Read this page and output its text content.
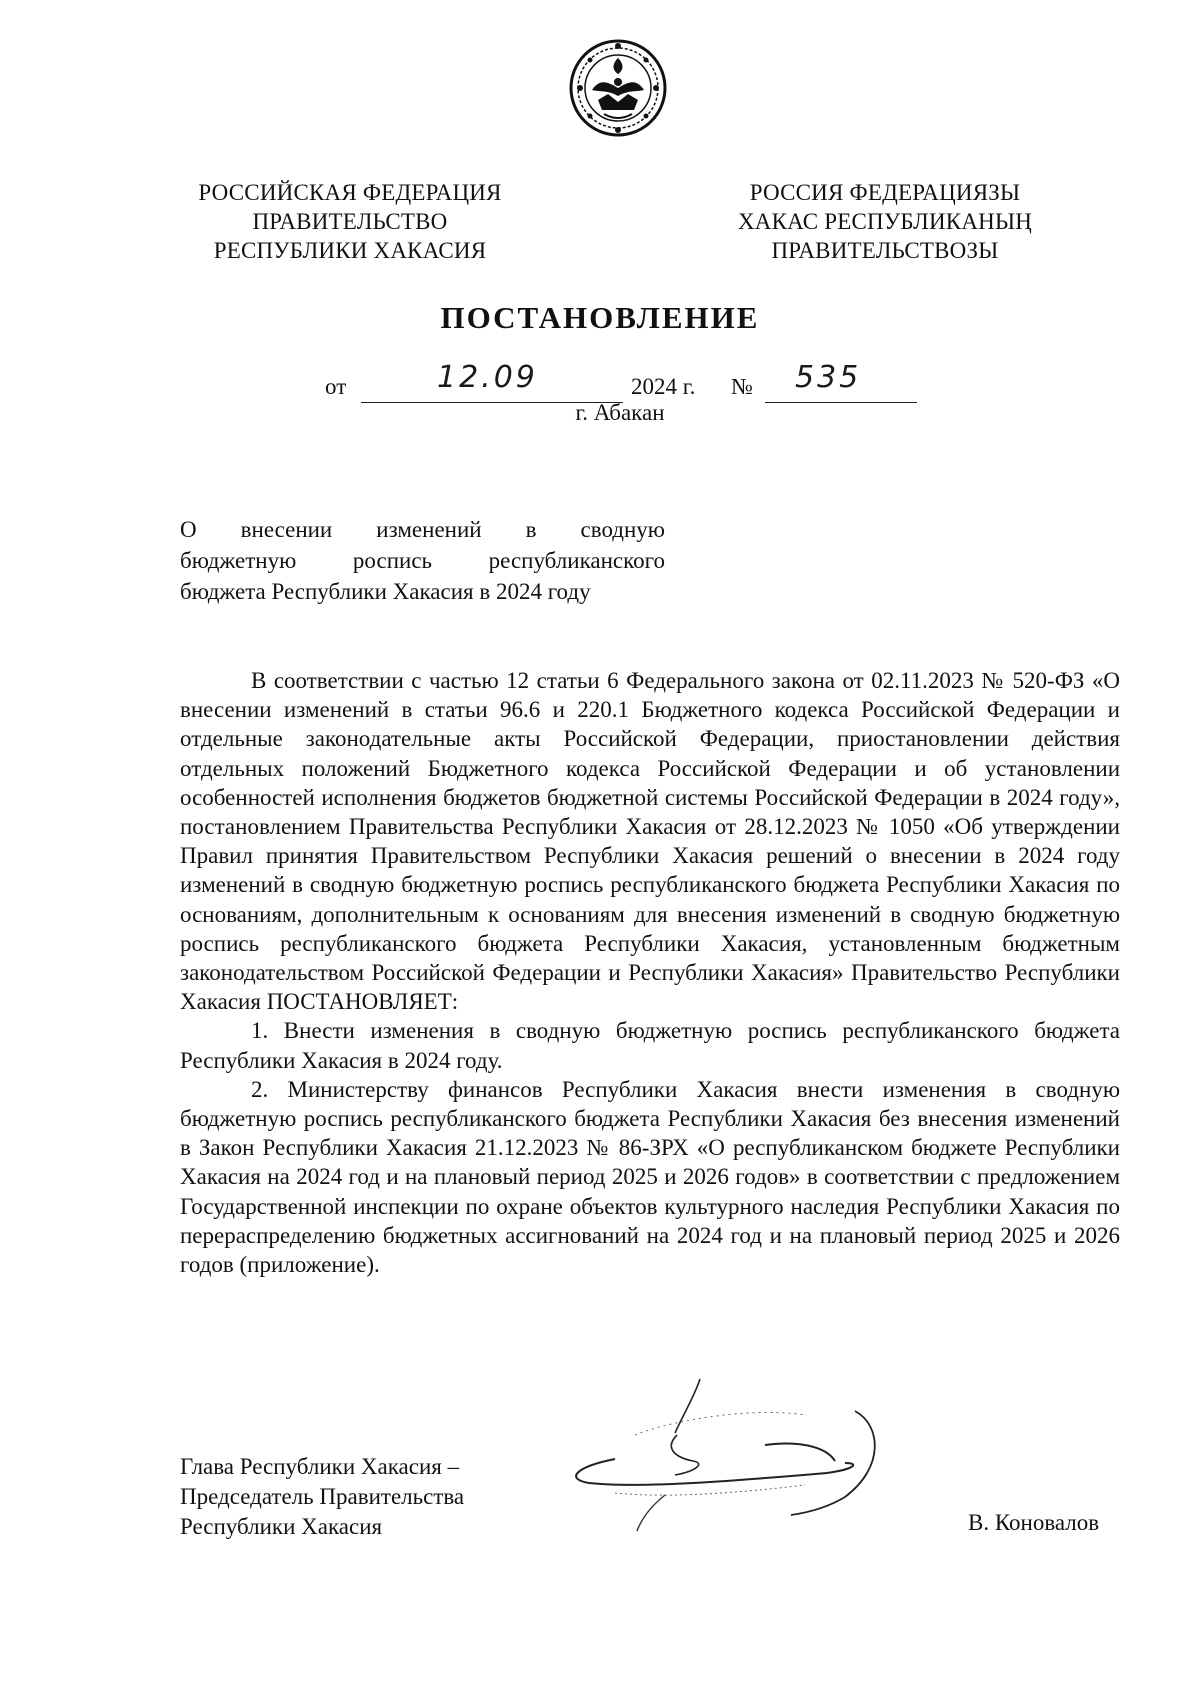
РОССИЙСКАЯ ФЕДЕРАЦИЯ
ПРАВИТЕЛЬСТВО
РЕСПУБЛИКИ ХАКАСИЯ
РОССИЯ ФЕДЕРАЦИЯЗЫ
ХАКАС РЕСПУБЛИКАНЫҢ
ПРАВИТЕЛЬСТВОЗЫ
ПОСТАНОВЛЕНИЕ
от	12.09	2024 г. № 535
г. Абакан
О внесении изменений в сводную
бюджетную роспись республиканского
бюджета Республики Хакасия в 2024 году

В соответствии с частью 12 статьи 6 Федерального закона от 02.11.2023 № 520-ФЗ «О внесении изменений в статьи 96.6 и 220.1 Бюджетного кодекса Российской Федерации и отдельные законодательные акты Российской Федерации, приостановлении действия отдельных положений Бюджетного кодекса Российской Федерации и об установлении особенностей исполнения бюджетов бюджетной системы Российской Федерации в 2024 году», постановлением Правительства Республики Хакасия от 28.12.2023 № 1050 «Об утверждении Правил принятия Правительством Республики Хакасия решений о внесении в 2024 году изменений в сводную бюджетную роспись республиканского бюджета Республики Хакасия по основаниям, дополнительным к основаниям для внесения изменений в сводную бюджетную роспись республиканского бюджета Республики Хакасия, установленным бюджетным законодательством Российской Федерации и Республики Хакасия» Правительство Республики Хакасия ПОСТАНОВЛЯЕТ:

1. Внести изменения в сводную бюджетную роспись республиканского бюджета Республики Хакасия в 2024 году.

2. Министерству финансов Республики Хакасия внести изменения в сводную бюджетную роспись республиканского бюджета Республики Хакасия без внесения изменений в Закон Республики Хакасия 21.12.2023 № 86-ЗРХ «О республиканском бюджете Республики Хакасия на 2024 год и на плановый период 2025 и 2026 годов» в соответствии с предложением Государственной инспекции по охране объектов культурного наследия Республики Хакасия по перераспределению бюджетных ассигнований на 2024 год и на плановый период 2025 и 2026 годов (приложение).

Глава Республики Хакасия –
Председатель Правительства
Республики Хакасия	В. Коновалов
